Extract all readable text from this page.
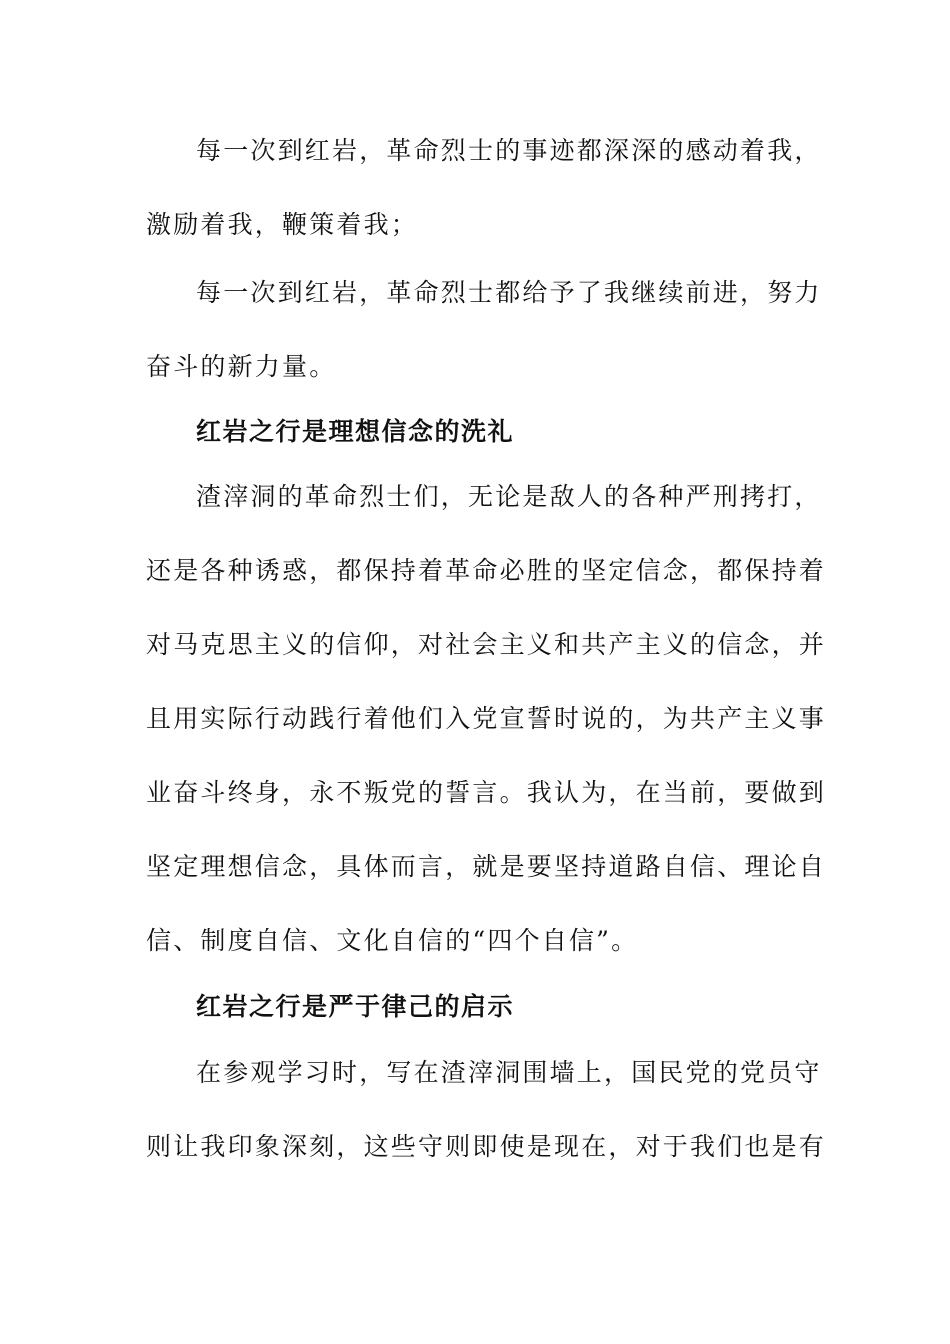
每一次到红岩，革命烈士的事迹都深深的感动着我，
激励着我，鞭策着我；
每一次到红岩，革命烈士都给予了我继续前进，努力
奋斗的新力量。
红岩之行是理想信念的洗礼
渣滓洞的革命烈士们，无论是敌人的各种严刑拷打，
还是各种诱惑，都保持着革命必胜的坚定信念，都保持着
对马克思主义的信仰，对社会主义和共产主义的信念，并
且用实际行动践行着他们入党宣誓时说的，为共产主义事
业奋斗终身，永不叛党的誓言。我认为，在当前，要做到
坚定理想信念，具体而言，就是要坚持道路自信、理论自
信、制度自信、文化自信的“四个自信”。
红岩之行是严于律己的启示
在参观学习时，写在渣滓洞围墙上，国民党的党员守
则让我印象深刻，这些守则即使是现在，对于我们也是有
